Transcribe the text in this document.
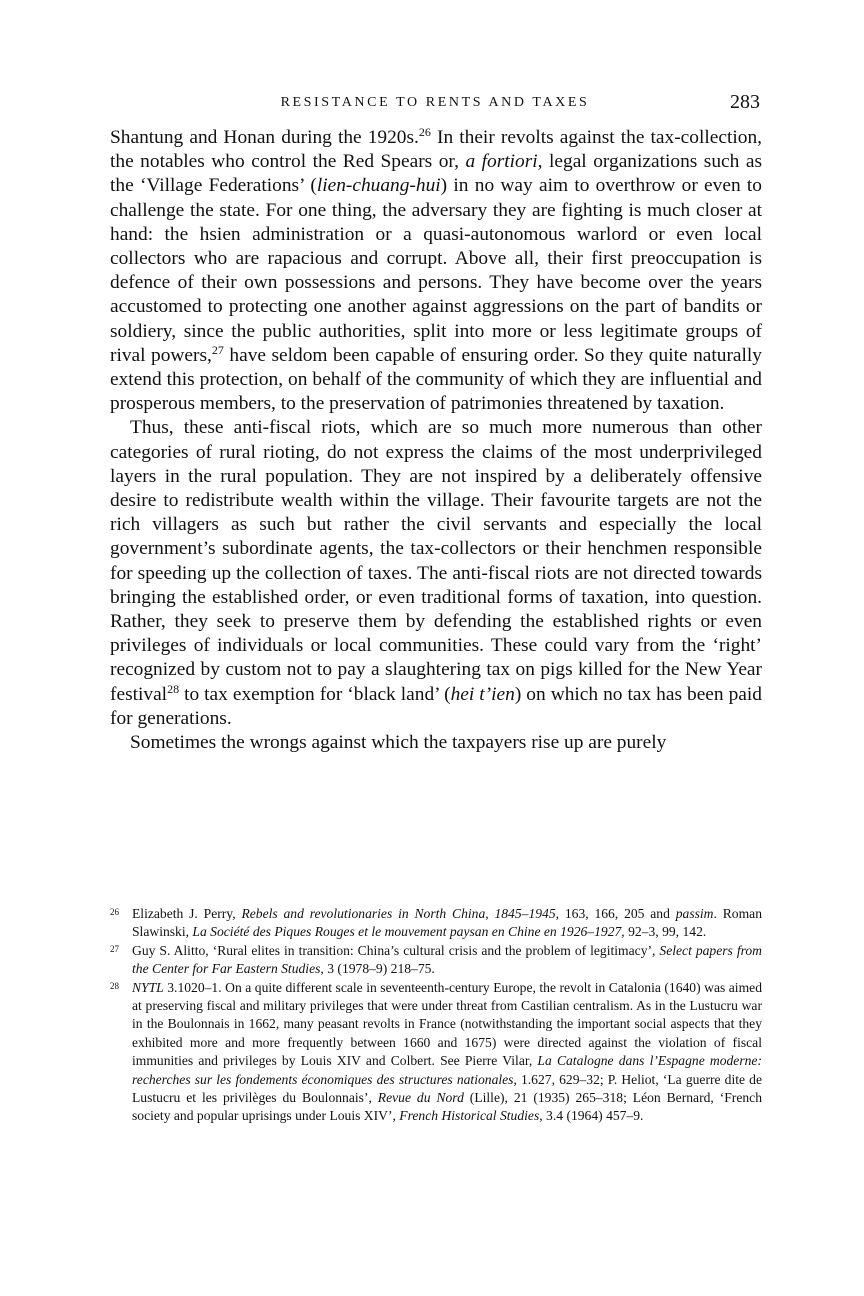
RESISTANCE TO RENTS AND TAXES	283

Shantung and Honan during the 1920s.$^{26}$ In their revolts against the tax-collection, the notables who control the Red Spears or, a fortiori, legal organizations such as the ‘Village Federations’ (lien-chuang-hui) in no way aim to overthrow or even to challenge the state. For one thing, the adversary they are fighting is much closer at hand: the hsien administration or a quasi-autonomous warlord or even local collectors who are rapacious and corrupt. Above all, their first preoccupation is defence of their own possessions and persons. They have become over the years accustomed to protecting one another against aggressions on the part of bandits or soldiery, since the public authorities, split into more or less legitimate groups of rival powers,$^{27}$ have seldom been capable of ensuring order. So they quite naturally extend this protection, on behalf of the community of which they are influential and prosperous members, to the preservation of patrimonies threatened by taxation.

Thus, these anti-fiscal riots, which are so much more numerous than other categories of rural rioting, do not express the claims of the most underprivileged layers in the rural population. They are not inspired by a deliberately offensive desire to redistribute wealth within the village. Their favourite targets are not the rich villagers as such but rather the civil servants and especially the local government’s subordinate agents, the tax-collectors or their henchmen responsible for speeding up the collection of taxes. The anti-fiscal riots are not directed towards bringing the established order, or even traditional forms of taxation, into question. Rather, they seek to preserve them by defending the established rights or even privileges of individuals or local communities. These could vary from the ‘right’ recognized by custom not to pay a slaughtering tax on pigs killed for the New Year festival$^{28}$ to tax exemption for ‘black land’ (hei t’ien) on which no tax has been paid for generations.

Sometimes the wrongs against which the taxpayers rise up are purely

26 Elizabeth J. Perry, Rebels and revolutionaries in North China, 1845–1945, 163, 166, 205 and passim. Roman Slawinski, La Société des Piques Rouges et le mouvement paysan en Chine en 1926–1927, 92–3, 99, 142.
27 Guy S. Alitto, ‘Rural elites in transition: China’s cultural crisis and the problem of legitimacy’, Select papers from the Center for Far Eastern Studies, 3 (1978–9) 218–75.
28 NYTL 3.1020–1. On a quite different scale in seventeenth-century Europe, the revolt in Catalonia (1640) was aimed at preserving fiscal and military privileges that were under threat from Castilian centralism. As in the Lustucru war in the Boulonnais in 1662, many peasant revolts in France (notwithstanding the important social aspects that they exhibited more and more frequently between 1660 and 1675) were directed against the violation of fiscal immunities and privileges by Louis XIV and Colbert. See Pierre Vilar, La Catalogne dans l’Espagne moderne: recherches sur les fondements économiques des structures nationales, 1.627, 629–32; P. Heliot, ‘La guerre dite de Lustucru et les privilèges du Boulonnais’, Revue du Nord (Lille), 21 (1935) 265–318; Léon Bernard, ‘French society and popular uprisings under Louis XIV’, French Historical Studies, 3.4 (1964) 457–9.
